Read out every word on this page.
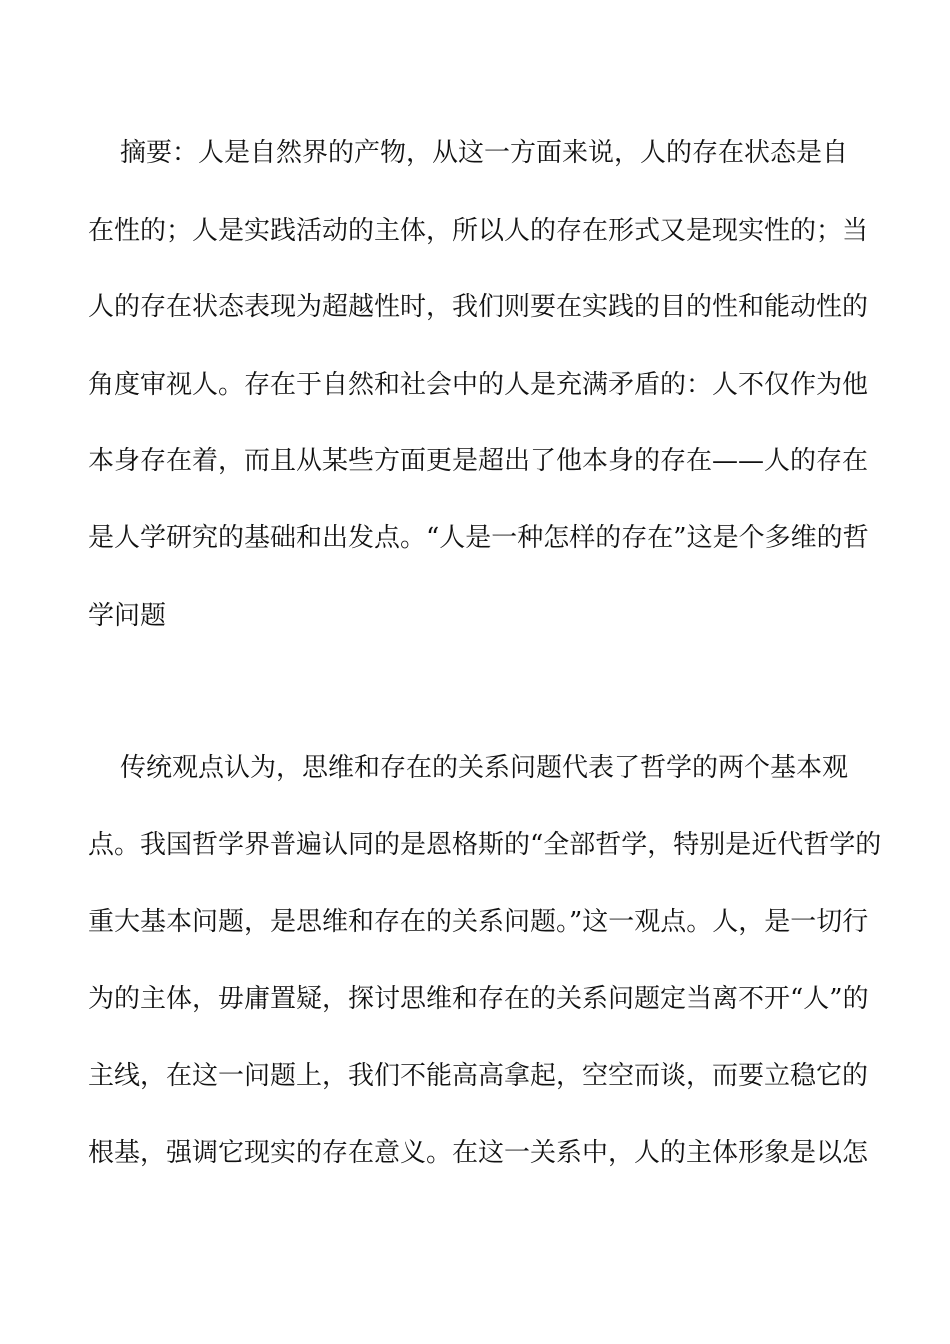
摘要：人是自然界的产物，从这一方面来说，人的存在状态是自
在性的；人是实践活动的主体，所以人的存在形式又是现实性的；当
人的存在状态表现为超越性时，我们则要在实践的目的性和能动性的
角度审视人。存在于自然和社会中的人是充满矛盾的：人不仅作为他
本身存在着，而且从某些方面更是超出了他本身的存在——人的存在
是人学研究的基础和出发点。“人是一种怎样的存在”这是个多维的哲
学问题
传统观点认为，思维和存在的关系问题代表了哲学的两个基本观
点。我国哲学界普遍认同的是恩格斯的“全部哲学，特别是近代哲学的
重大基本问题，是思维和存在的关系问题。”这一观点。人，是一切行
为的主体，毋庸置疑，探讨思维和存在的关系问题定当离不开“人”的
主线，在这一问题上，我们不能高高拿起，空空而谈，而要立稳它的
根基，强调它现实的存在意义。在这一关系中，人的主体形象是以怎
